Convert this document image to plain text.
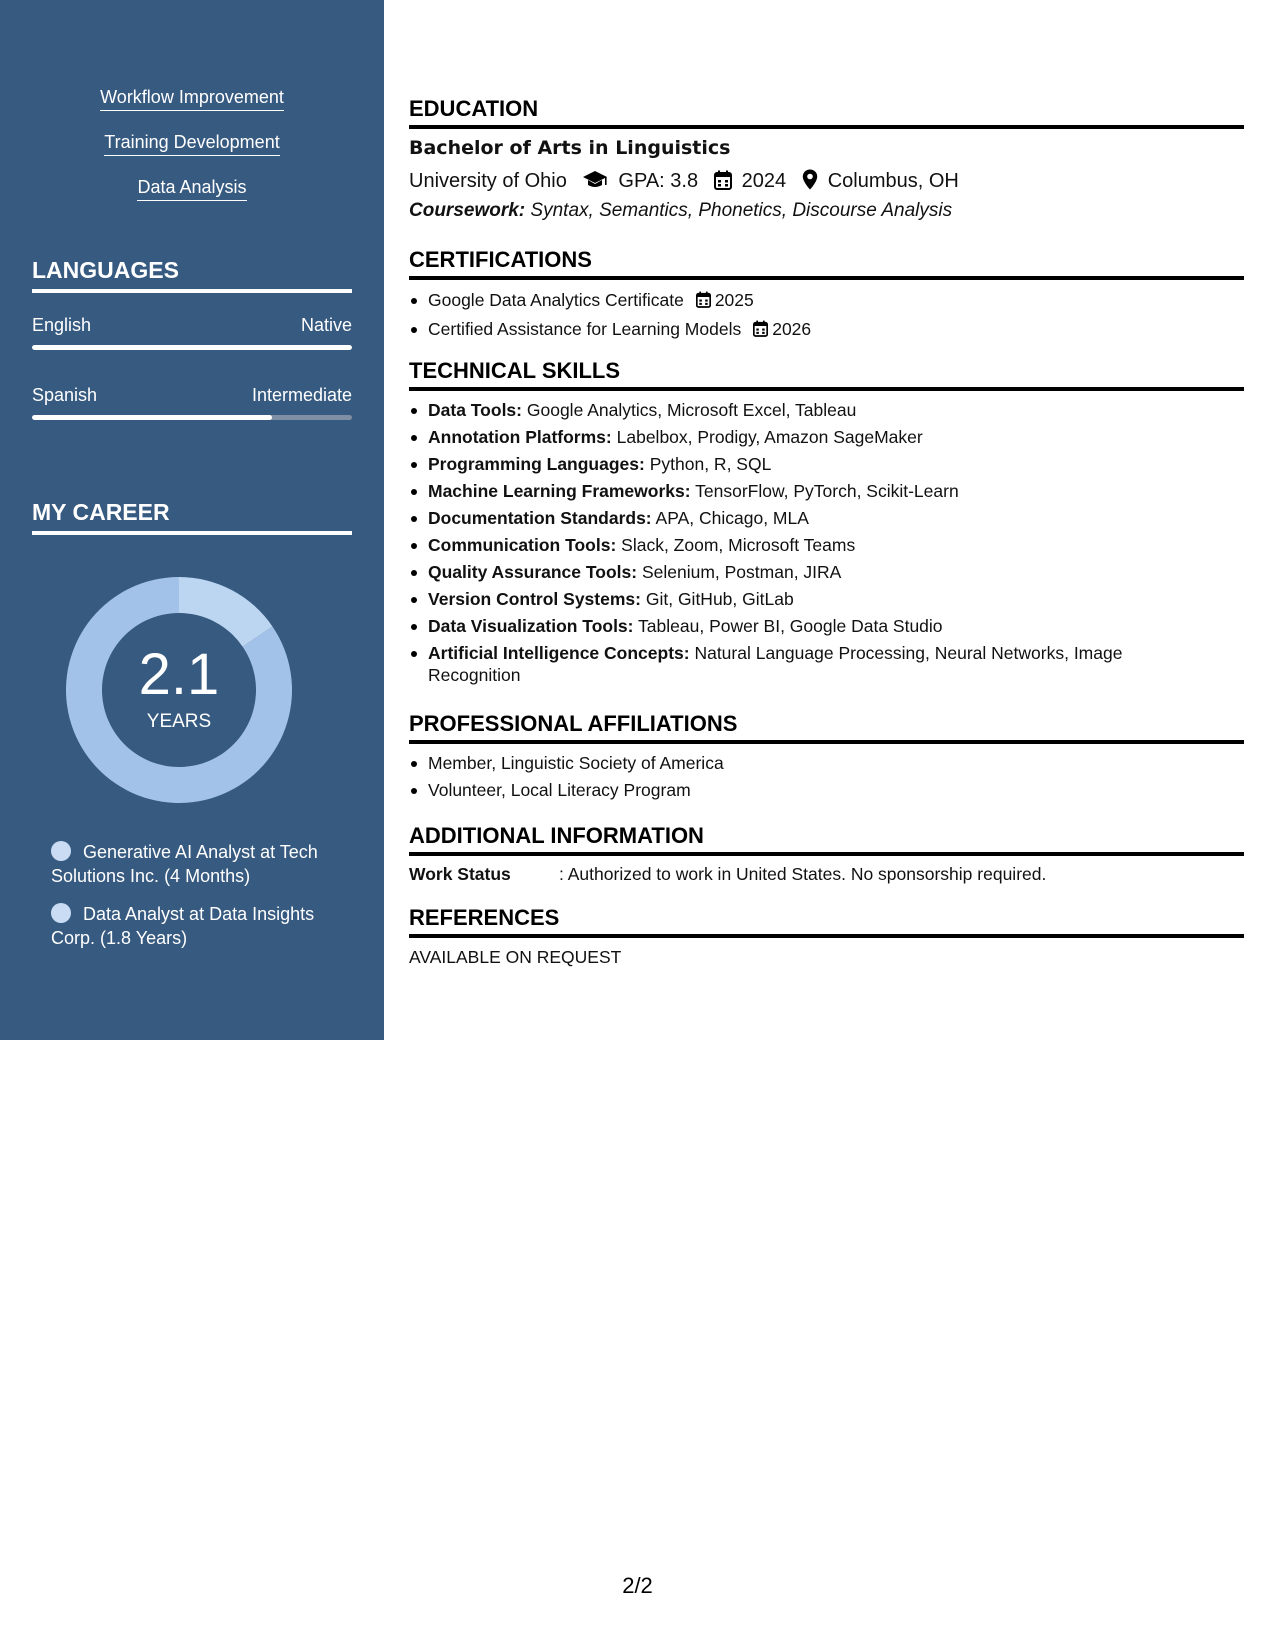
Workflow Improvement
Training Development
Data Analysis
LANGUAGES
English	Native
Spanish	Intermediate
MY CAREER
2.1
YEARS
Generative AI Analyst at Tech Solutions Inc. (4 Months)
Data Analyst at Data Insights Corp. (1.8 Years)
EDUCATION
Bachelor of Arts in Linguistics
University of Ohio	GPA: 3.8 2024 Columbus, OH
Coursework: Syntax, Semantics, Phonetics, Discourse Analysis
CERTIFICATIONS
Google Data Analytics Certificate 2025
Certified Assistance for Learning Models 2026
TECHNICAL SKILLS
Data Tools: Google Analytics, Microsoft Excel, Tableau
Annotation Platforms: Labelbox, Prodigy, Amazon SageMaker
Programming Languages: Python, R, SQL
Machine Learning Frameworks: TensorFlow, PyTorch, Scikit-Learn
Documentation Standards: APA, Chicago, MLA
Communication Tools: Slack, Zoom, Microsoft Teams
Quality Assurance Tools: Selenium, Postman, JIRA
Version Control Systems: Git, GitHub, GitLab
Data Visualization Tools: Tableau, Power BI, Google Data Studio
Artificial Intelligence Concepts: Natural Language Processing, Neural Networks, Image Recognition
PROFESSIONAL AFFILIATIONS
Member, Linguistic Society of America
Volunteer, Local Literacy Program
ADDITIONAL INFORMATION
Work Status	: Authorized to work in United States. No sponsorship required.
REFERENCES
AVAILABLE ON REQUEST
2/2
